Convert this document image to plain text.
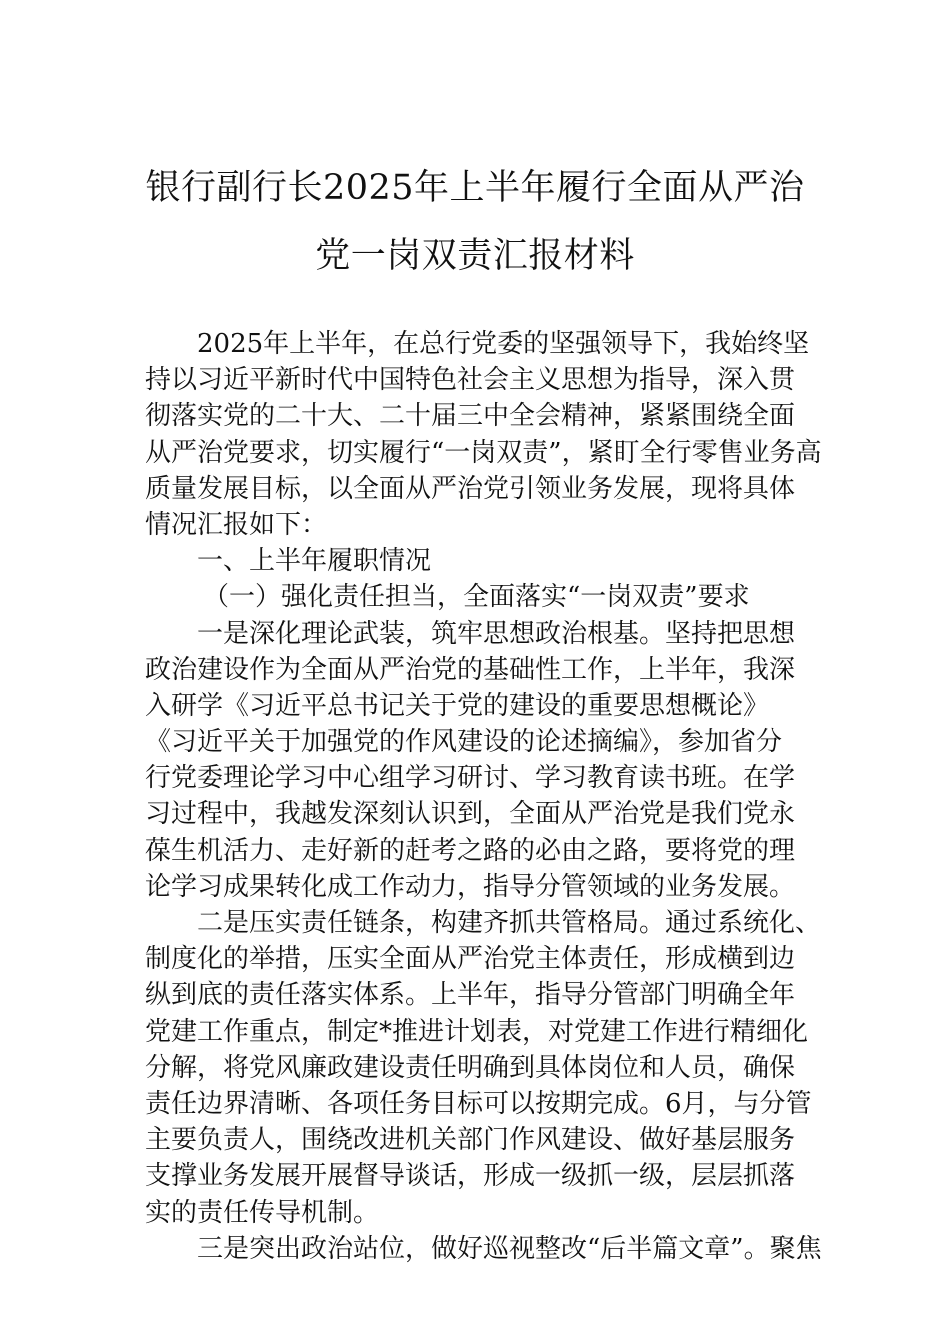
银行副行长2025年上半年履行全面从严治
党一岗双责汇报材料
2025年上半年，在总行党委的坚强领导下，我始终坚
持以习近平新时代中国特色社会主义思想为指导，深入贯
彻落实党的二十大、二十届三中全会精神，紧紧围绕全面
从严治党要求，切实履行“一岗双责”，紧盯全行零售业务高
质量发展目标，以全面从严治党引领业务发展，现将具体
情况汇报如下：
一、上半年履职情况
（一）强化责任担当，全面落实“一岗双责”要求
一是深化理论武装，筑牢思想政治根基。坚持把思想
政治建设作为全面从严治党的基础性工作，上半年，我深
入研学《习近平总书记关于党的建设的重要思想概论》
《习近平关于加强党的作风建设的论述摘编》，参加省分
行党委理论学习中心组学习研讨、学习教育读书班。在学
习过程中，我越发深刻认识到，全面从严治党是我们党永
葆生机活力、走好新的赶考之路的必由之路，要将党的理
论学习成果转化成工作动力，指导分管领域的业务发展。
二是压实责任链条，构建齐抓共管格局。通过系统化、
制度化的举措，压实全面从严治党主体责任，形成横到边
纵到底的责任落实体系。上半年，指导分管部门明确全年
党建工作重点，制定*推进计划表，对党建工作进行精细化
分解，将党风廉政建设责任明确到具体岗位和人员，确保
责任边界清晰、各项任务目标可以按期完成。6月，与分管
主要负责人，围绕改进机关部门作风建设、做好基层服务
支撑业务发展开展督导谈话，形成一级抓一级，层层抓落
实的责任传导机制。
三是突出政治站位，做好巡视整改“后半篇文章”。聚焦
